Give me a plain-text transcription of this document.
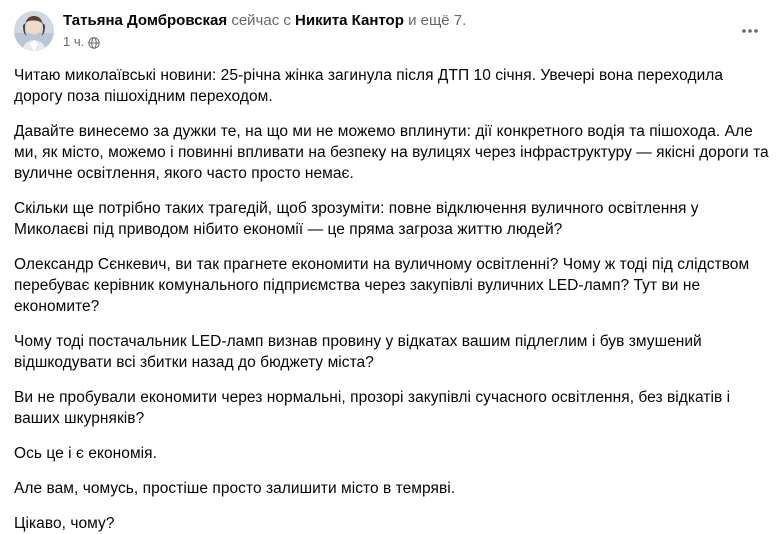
Татьяна Домбровская сейчас с Никита Кантор и ещё 7.
1 ч.

Читаю миколаївські новини: 25-річна жінка загинула після ДТП 10 січня. Увечері вона переходила дорогу поза пішохідним переходом.

Давайте винесемо за дужки те, на що ми не можемо вплинути: дії конкретного водія та пішохода. Але ми, як місто, можемо і повинні впливати на безпеку на вулицях через інфраструктуру — якісні дороги та вуличне освітлення, якого часто просто немає.

Скільки ще потрібно таких трагедій, щоб зрозуміти: повне відключення вуличного освітлення у Миколаєві під приводом нібито економії — це пряма загроза життю людей?

Олександр Сєнкевич, ви так прагнете економити на вуличному освітленні? Чому ж тоді під слідством перебуває керівник комунального підприємства через закупівлі вуличних LED-ламп? Тут ви не економите?

Чому тоді постачальник LED-ламп визнав провину у відкатах вашим підлеглим і був змушений відшкодувати всі збитки назад до бюджету міста?

Ви не пробували економити через нормальні, прозорі закупівлі сучасного освітлення, без відкатів і ваших шкурняків?

Ось це і є економія.

Але вам, чомусь, простіше просто залишити місто в темряві.

Цікаво, чому?
